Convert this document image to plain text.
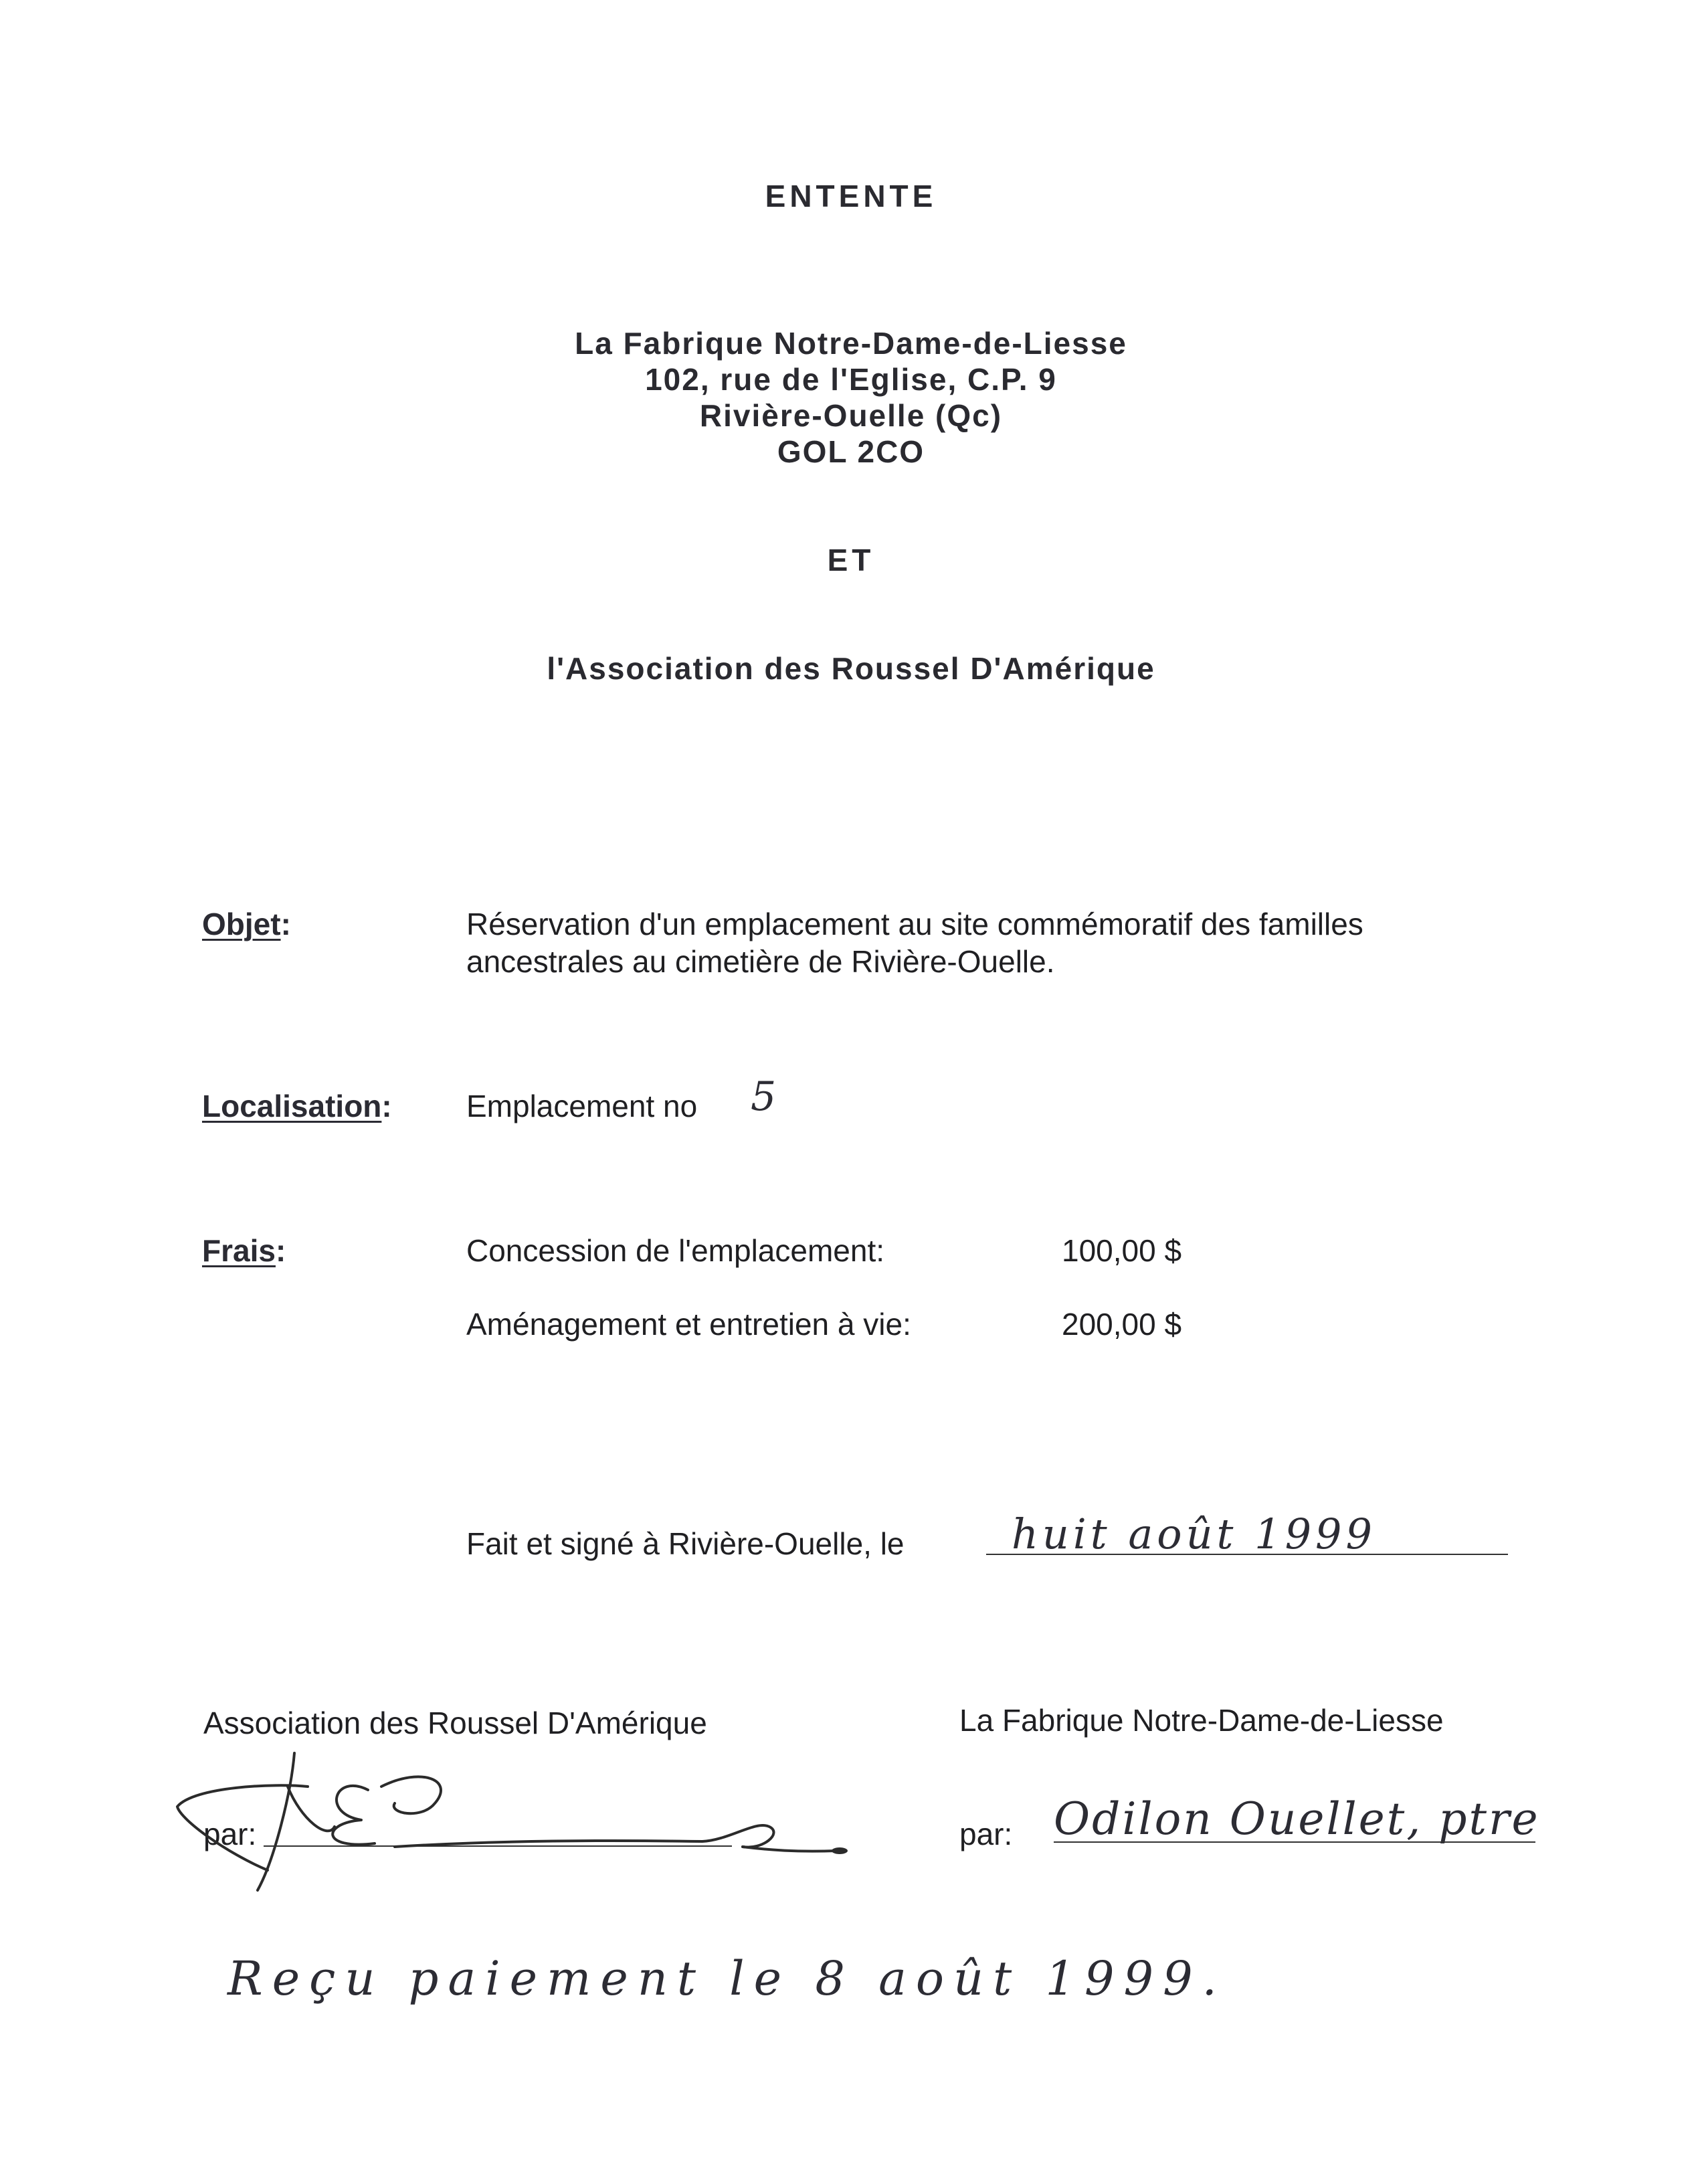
ENTENTE
La Fabrique Notre-Dame-de-Liesse
102, rue de l'Eglise, C.P. 9
Rivière-Ouelle (Qc)
GOL 2CO
ET
l'Association des Roussel D'Amérique
Objet:	Réservation d'un emplacement au site commémoratif des familles
ancestrales au cimetière de Rivière-Ouelle.
Localisation: Emplacement no 5
Frais:	Concession de l'emplacement:	100,00 $
Aménagement et entretien à vie:	200,00 $
Fait et signé à Rivière-Ouelle, le	huit août 1999
Association des Roussel D'Amérique	La Fabrique Notre-Dame-de-Liesse
par:	par: Odilon Ouellet, ptre
Reçu paiement le 8 août 1999.
